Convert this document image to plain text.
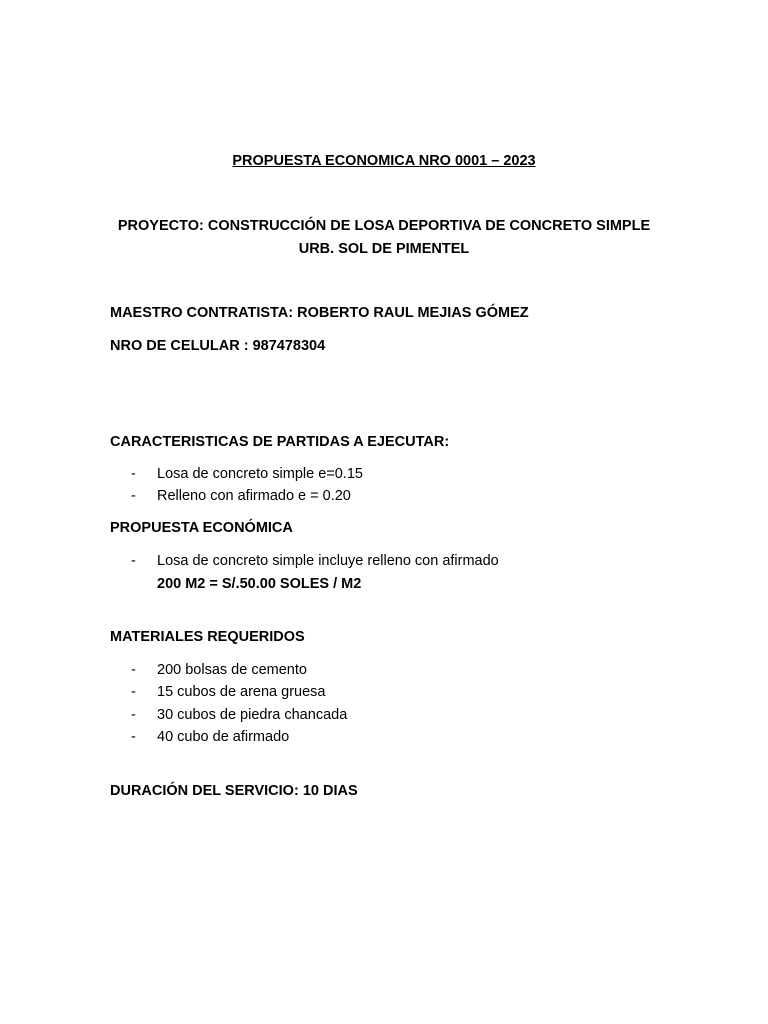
PROPUESTA ECONOMICA NRO 0001 – 2023
PROYECTO: CONSTRUCCIÓN DE LOSA DEPORTIVA DE CONCRETO SIMPLE
URB. SOL DE PIMENTEL
MAESTRO CONTRATISTA: ROBERTO RAUL MEJIAS GÓMEZ
NRO DE CELULAR : 987478304
CARACTERISTICAS DE PARTIDAS A EJECUTAR:
- Losa de concreto simple e=0.15
- Relleno con afirmado e = 0.20
PROPUESTA ECONÓMICA
- Losa de concreto simple incluye relleno con afirmado
200 M2 = S/.50.00 SOLES / M2
MATERIALES REQUERIDOS
- 200 bolsas de cemento
- 15 cubos de arena gruesa
- 30 cubos de piedra chancada
- 40 cubo de afirmado
DURACIÓN DEL SERVICIO: 10 DIAS
